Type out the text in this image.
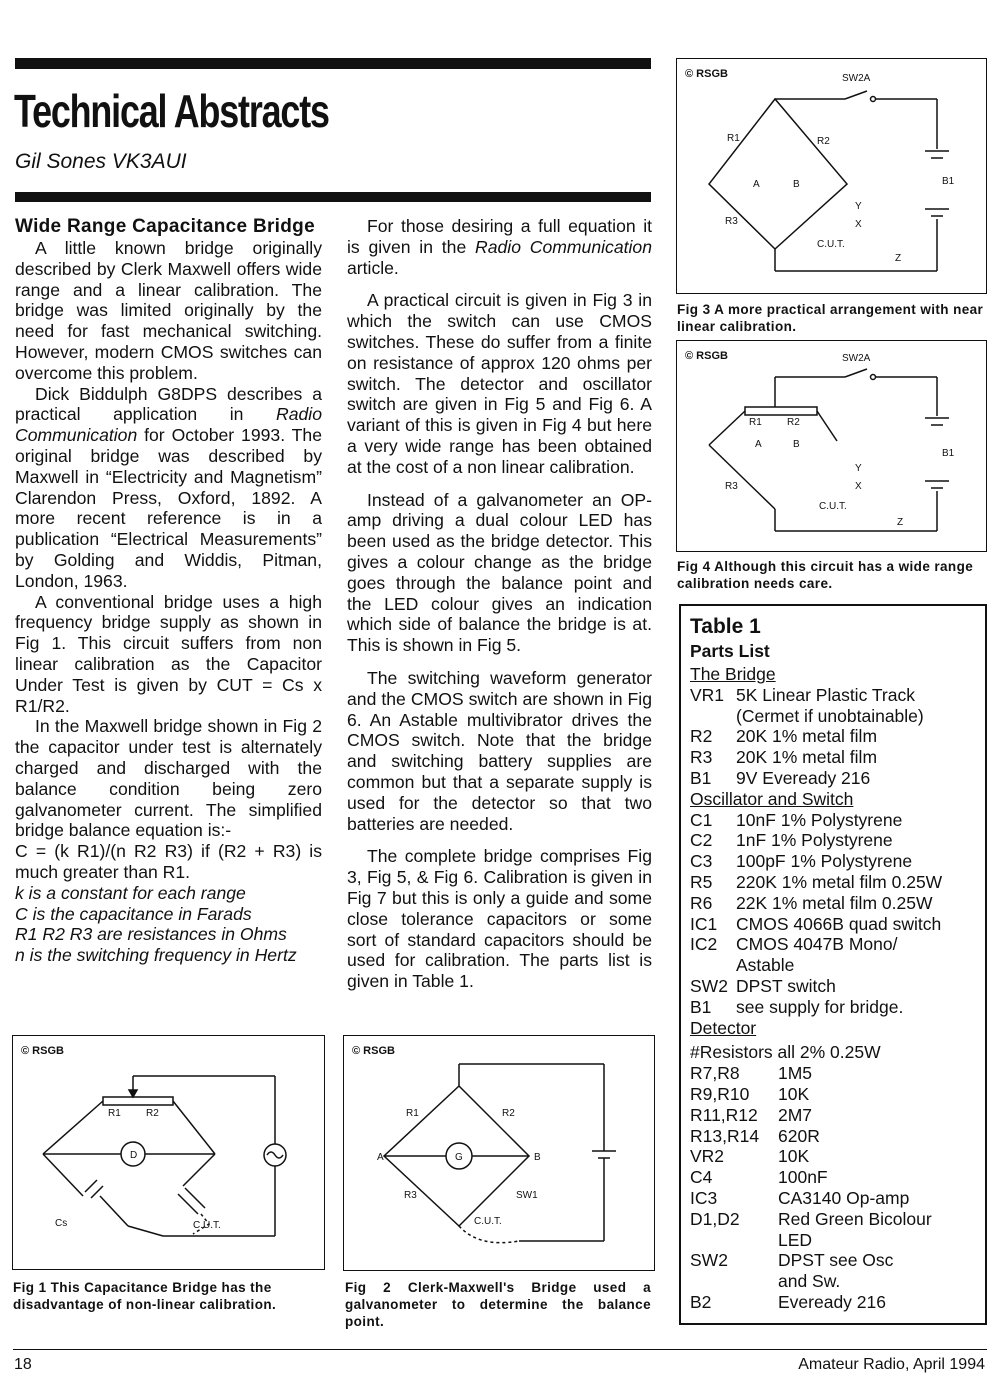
Technical Abstracts
Gil Sones VK3AUI
Wide Range Capacitance Bridge

A little known bridge originally described by Clerk Maxwell offers wide range and a linear calibration. The bridge was limited originally by the need for fast mechanical switching. However, modern CMOS switches can overcome this problem.

Dick Biddulph G8DPS describes a practical application in Radio Communication for October 1993. The original bridge was described by Maxwell in “Electricity and Magnetism” Clarendon Press, Oxford, 1892. A more recent reference is in a publication “Electrical Measurements” by Golding and Widdis, Pitman, London, 1963.

A conventional bridge uses a high frequency bridge supply as shown in Fig 1. This circuit suffers from non linear calibration as the Capacitor Under Test is given by CUT = Cs x R1/R2.

In the Maxwell bridge shown in Fig 2 the capacitor under test is alternately charged and discharged with the balance condition being zero galvanometer current. The simplified bridge balance equation is:-

C = (k R1)/(n R2 R3) if (R2 + R3) is much greater than R1.

k is a constant for each range

C is the capacitance in Farads

R1 R2 R3 are resistances in Ohms

n is the switching frequency in Hertz

For those desiring a full equation it is given in the Radio Communication article.

A practical circuit is given in Fig 3 in which the switch can use CMOS switches. These do suffer from a finite on resistance of approx 120 ohms per switch. The detector and oscillator switch are given in Fig 5 and Fig 6. A variant of this is given in Fig 4 but here a very wide range has been obtained at the cost of a non linear calibration.

Instead of a galvanometer an OP-amp driving a dual colour LED has been used as the bridge detector. This gives a colour change as the bridge goes through the balance point and the LED colour gives an indication which side of balance the bridge is at. This is shown in Fig 5.

The switching waveform generator and the CMOS switch are shown in Fig 6. An Astable multivibrator drives the CMOS switch. Note that the bridge and switching battery supplies are common but that a separate supply is used for the detector so that two batteries are needed.

The complete bridge comprises Fig 3, Fig 5, & Fig 6. Calibration is given in Fig 7 but this is only a guide and some close tolerance capacitors or some sort of standard capacitors should be used for calibration. The parts list is given in Table 1.

© RSGB
R1	R2
D
Cs	C.U.T.
Fig 1 This Capacitance Bridge has the disadvantage of non-linear calibration.
© RSGB
G
A	B
R1	R2
R3	SW1
C.U.T.
Fig 2 Clerk-Maxwell's Bridge used a galvanometer to determine the balance point.
© RSGB	SW2A
B1
R1	R2
R3
A	B
Y
X
Z
C.U.T.
Fig 3 A more practical arrangement with near linear calibration.
© RSGB	SW2A
B1
R1	R2
R3
A	B
Y
X
Z
C.U.T.
Fig 4 Although this circuit has a wide range calibration needs care.
Table 1
Parts List
The Bridge
VR1 5K Linear Plastic Track
(Cermet if unobtainable)
R2	20K 1% metal film
R3	20K 1% metal film
B1	9V Eveready 216
Oscillator and Switch
C1	10nF 1% Polystyrene
C2	1nF 1% Polystyrene
C3	100pF 1% Polystyrene
R5	220K 1% metal film 0.25W
R6	22K 1% metal film 0.25W
IC1	CMOS 4066B quad switch
IC2	CMOS 4047B Mono/
Astable
SW2 DPST switch
B1	see supply for bridge.
Detector
#Resistors all 2% 0.25W
R7,R8	1M5
R9,R10	10K
R11,R12	2M7
R13,R14	620R
VR2	10K
C4	100nF
IC3	CA3140 Op-amp
D1,D2	Red Green Bicolour
LED
SW2	DPST see Osc
and Sw.
B2	Eveready 216
18	Amateur Radio, April 1994
